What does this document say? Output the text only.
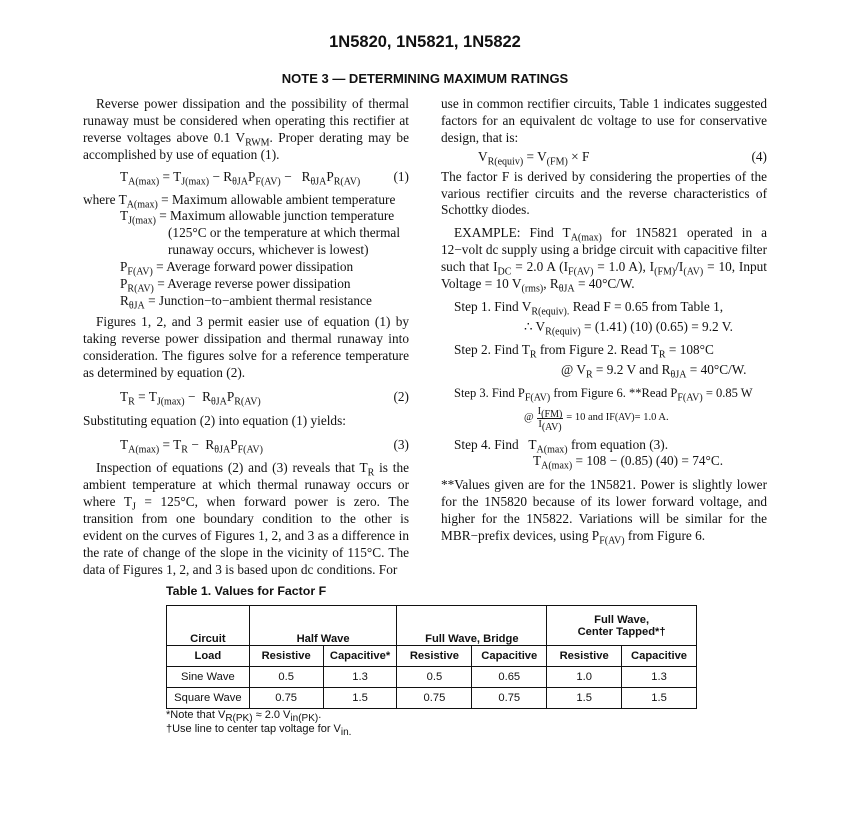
1N5820, 1N5821, 1N5822
NOTE 3 — DETERMINING MAXIMUM RATINGS

Reverse power dissipation and the possibility of thermal runaway must be considered when operating this rectifier at reverse voltages above 0.1 $V_{RWM}$. Proper derating may be accomplished by use of equation (1).

$T_{A(max)} = T_{J(max)} - R_{\theta JA}P_{F(AV)} - R_{\theta JA}P_{R(AV)}$ (1)
where $T_{A(max)}$ = Maximum allowable ambient temperature
$T_{J(max)}$ = Maximum allowable junction temperature
(125°C or the temperature at which thermal
runaway occurs, whichever is lowest)
$P_{F(AV)}$ = Average forward power dissipation
$P_{R(AV)}$ = Average reverse power dissipation
$R_{\theta JA}$ = Junction−to−ambient thermal resistance

Figures 1, 2, and 3 permit easier use of equation (1) by taking reverse power dissipation and thermal runaway into consideration. The figures solve for a reference temperature as determined by equation (2).

$T_R = T_{J(max)} - R_{\theta JA}P_{R(AV)}$	(2)

Substituting equation (2) into equation (1) yields:

$T_{A(max)} = T_R - R_{\theta JA}P_{F(AV)}$	(3)

Inspection of equations (2) and (3) reveals that $T_R$ is the ambient temperature at which thermal runaway occurs or where $T_J = 125^\circ C$, when forward power is zero. The transition from one boundary condition to the other is evident on the curves of Figures 1, 2, and 3 as a difference in the rate of change of the slope in the vicinity of 115°C. The data of Figures 1, 2, and 3 is based upon dc conditions. For

use in common rectifier circuits, Table 1 indicates suggested factors for an equivalent dc voltage to use for conservative design, that is:

$V_{R(equiv)} = V_{(FM)} \times F$	(4)

The factor F is derived by considering the properties of the various rectifier circuits and the reverse characteristics of Schottky diodes.

EXAMPLE: Find $T_{A(max)}$ for 1N5821 operated in a 12−volt dc supply using a bridge circuit with capacitive filter such that $I_{DC} = 2.0$ A ($I_{F(AV)} = 1.0$ A), $I_{(FM)}/I_{(AV)} = 10$, Input Voltage = 10 $V_{(rms)}$, $R_{\theta JA} = 40^\circ C/W$.

Step 1. Find $V_{R(equiv).}$ Read F = 0.65 from Table 1,
∴ $V_{R(equiv)} = (1.41)$ (10) (0.65) = 9.2 V.
Step 2. Find $T_R$ from Figure 2. Read $T_R = 108^\circ C$
@ $V_R = 9.2$ V and $R_{\theta JA} = 40^\circ C/W$.
Step 3. Find $P_{F(AV)}$ from Figure 6. **Read $P_{F(AV)} = 0.85$ W
@ $\frac{I_{(FM)}}{I_{(AV)}} = 10$ and I F(AV) = 1.0 A.
Step 4. Find   $T_{A(max)}$ from equation (3).
$T_{A(max)} = 108 - (0.85) (40) = 74^\circ C$.

**Values given are for the 1N5821. Power is slightly lower for the 1N5820 because of its lower forward voltage, and higher for the 1N5822. Variations will be similar for the MBR−prefix devices, using $P_{F(AV)}$ from Figure 6.

Table 1. Values for Factor F
Circuit	Half Wave		Full Wave, Bridge		Full Wave,
Center Tapped*†	
Load	Resistive	Capacitive*	Resistive	Capacitive	Resistive	Capacitive
Sine Wave	0.5	1.3	0.5	0.65	1.0	1.3
Square Wave	0.75	1.5	0.75	0.75	1.5	1.5
*Note that $V_{R(PK)} \approx 2.0$ $V_{in(PK)}$.
†Use line to center tap voltage for $V_{in.}$
